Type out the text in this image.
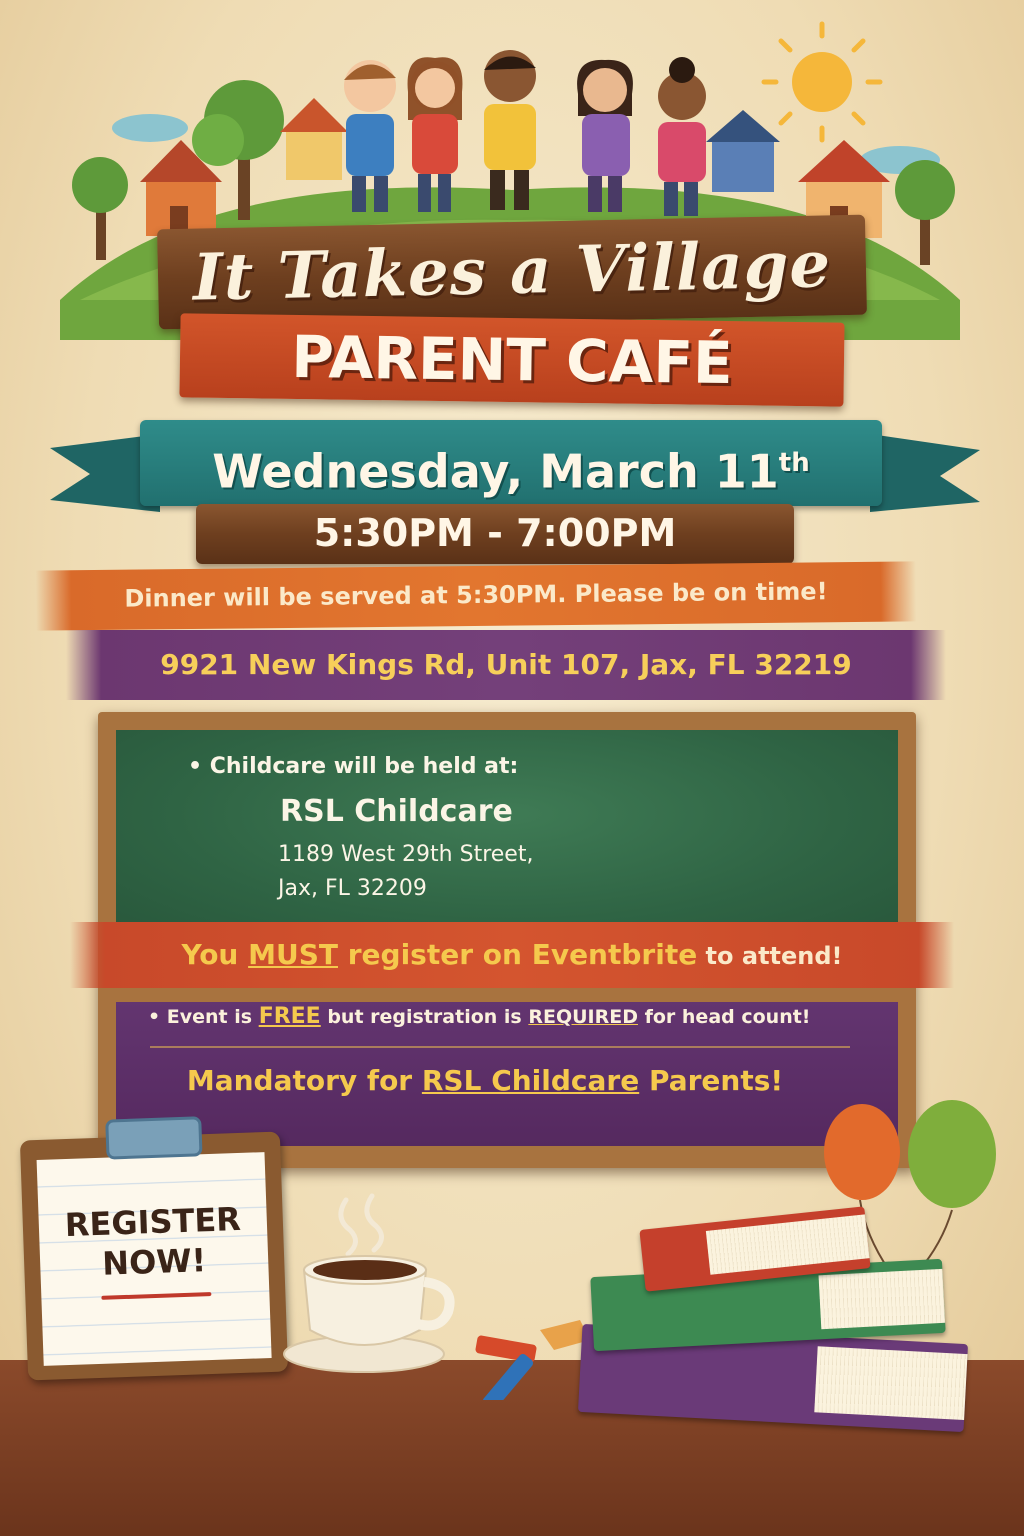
It Takes a Village
PARENT CAFÉ
Wednesday, March 11th
5:30PM - 7:00PM
Dinner will be served at 5:30PM. Please be on time!
9921 New Kings Rd, Unit 107, Jax, FL 32219
• Childcare will be held at:
RSL Childcare
1189 West 29th Street,
Jax, FL 32209
You MUST register on Eventbrite to attend!
• Event is FREE but registration is REQUIRED for head count!
Mandatory for RSL Childcare Parents!
REGISTER
NOW!
